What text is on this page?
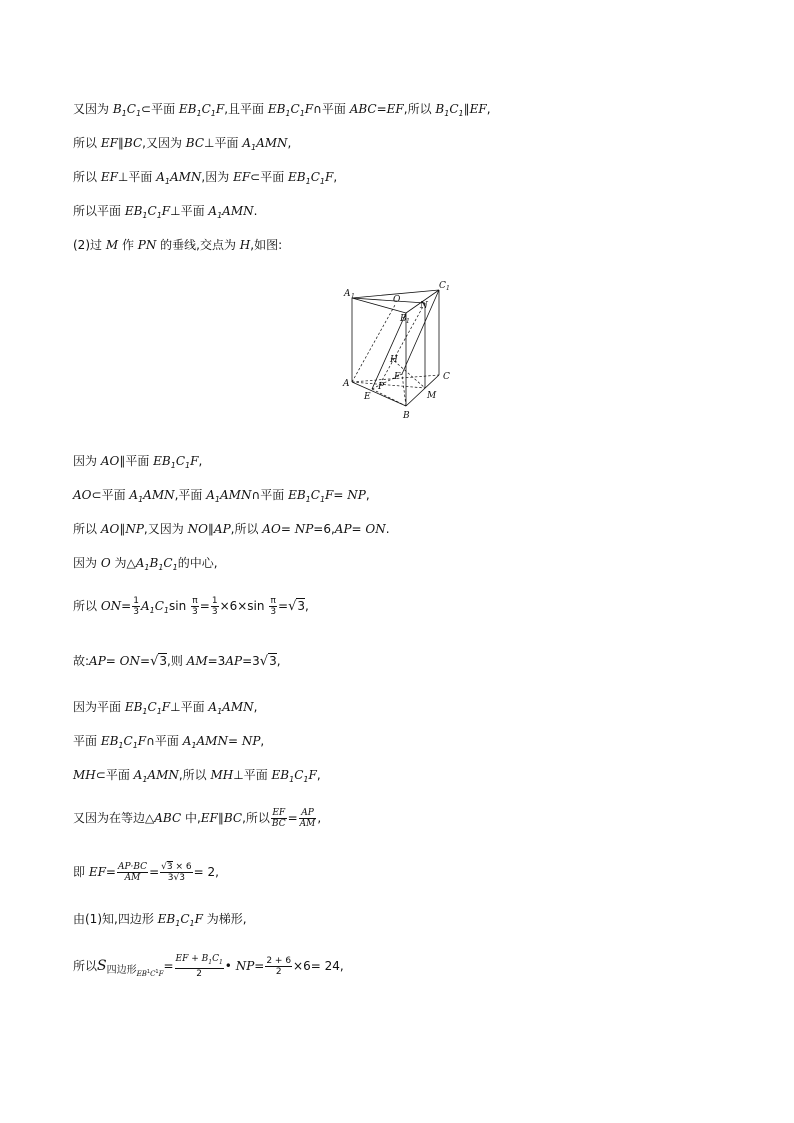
又因为 $B_1C_1\subset$平面 $EB_1C_1F$,且平面 $EB_1C_1F\cap$平面 ABC=EF,所以 $B_1C_1\parallel EF$,
所以 EF∥BC,又因为 BC⊥平面 $A_1AMN$,
所以 EF⊥平面 $A_1AMN$,因为 EF⊂平面 $EB_1C_1F$,
所以平面 $EB_1C_1F\perp$平面 $A_1AMN$.
(2)过 M 作 PN 的垂线,交点为 H,如图:
A 1	O
N
C 1
B 1
H
F
A	P
C
E	M
B
因为 AO∥平面 $EB_1C_1F$,
AO⊂平面 $A_1AMN$,平面 $A_1AMN\cap$平面 $EB_1C_1F=$ NP,
所以 AO∥NP,又因为 NO∥AP,所以 AO= NP=6,AP= ON.
因为 O 为$\triangle A_1B_1C_1$的中心,
所以 $ON= \frac{1}{3} A_1C_1\sin \frac{\pi}{3} = \frac{1}{3} \times 6\times\sin \frac{\pi}{3} =√3$,
故:AP= ON=√3,则 AM=3AP=3√3,
因为平面 $EB_1C_1F\perp$平面 $A_1AMN$,
平面 $EB_1C_1F\cap$平面 $A_1AMN=$ NP,
MH⊂平面 $A_1AMN$,所以 MH⊥平面 $EB_1C_1F$,
又因为在等边△ABC 中,EF∥BC,所以 $\frac{EF}{BC} = \frac{AP}{AM}$ ,
即 $EF= \frac{AP\cdot BC}{AM} = \frac{√3 \times 6}{3√3} = 2$,
由(1)知,四边形 $EB_1C_1F$ 为梯形,
所以$S_{四边形_{EB}1_C1_F}= \frac{EF + B_1C_1}{2}$ • $NP= \frac{2 + 6}{2} \times 6= 24$,
